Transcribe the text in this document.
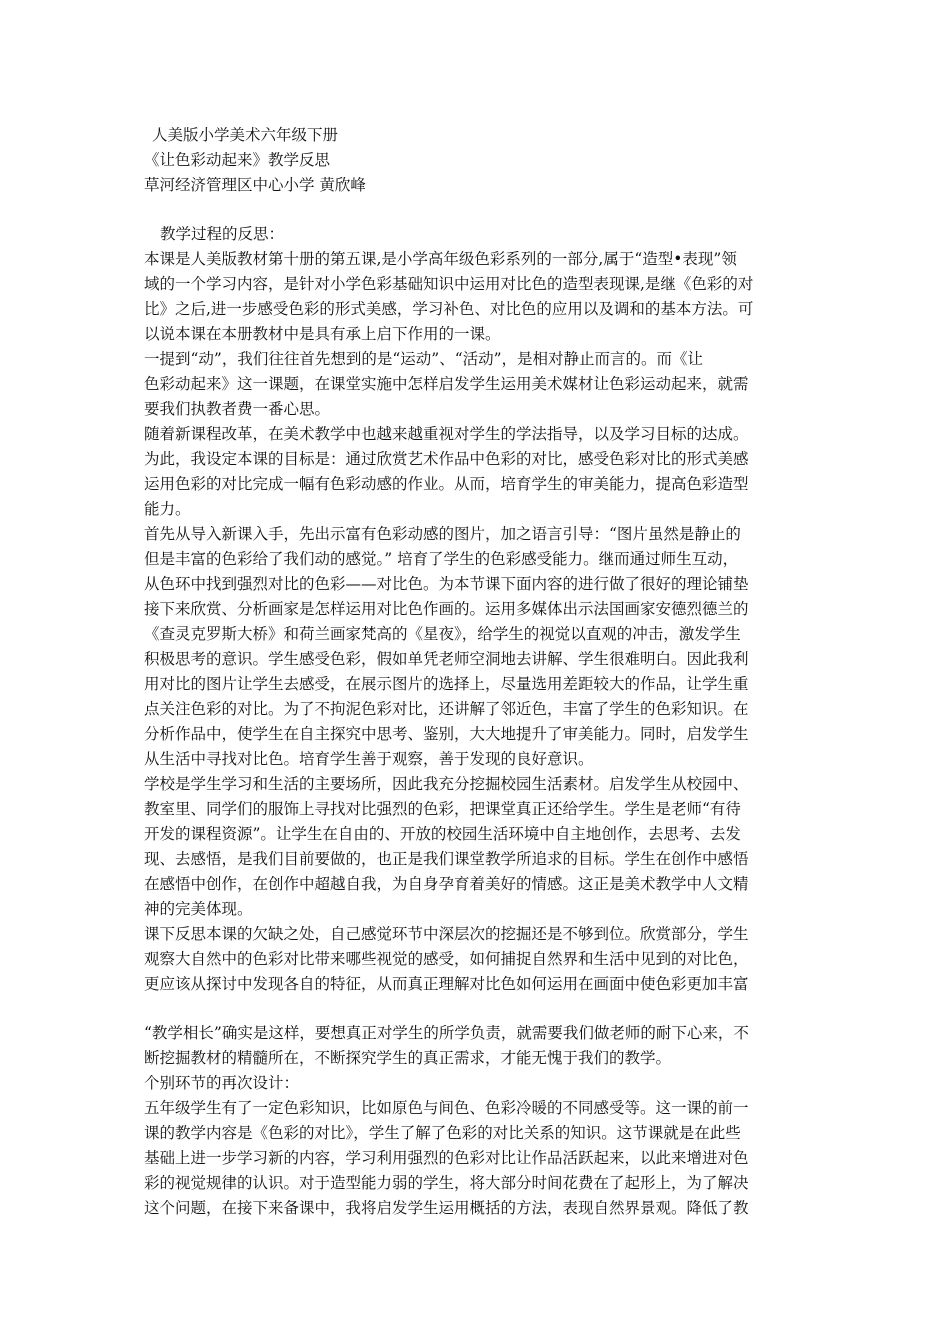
人美版小学美术六年级下册
《让色彩动起来》教学反思
草河经济管理区中心小学 黄欣峰
教学过程的反思：
本课是人美版教材第十册的第五课,是小学高年级色彩系列的一部分,属于“造型•表现”领
域的一个学习内容，是针对小学色彩基础知识中运用对比色的造型表现课,是继《色彩的对
比》之后,进一步感受色彩的形式美感，学习补色、对比色的应用以及调和的基本方法。可
以说本课在本册教材中是具有承上启下作用的一课。
一提到“动”，我们往往首先想到的是“运动”、“活动”，是相对静止而言的。而《让
色彩动起来》这一课题，在课堂实施中怎样启发学生运用美术媒材让色彩运动起来，就需
要我们执教者费一番心思。
随着新课程改革，在美术教学中也越来越重视对学生的学法指导，以及学习目标的达成。
为此，我设定本课的目标是：通过欣赏艺术作品中色彩的对比，感受色彩对比的形式美感
运用色彩的对比完成一幅有色彩动感的作业。从而，培育学生的审美能力，提高色彩造型
能力。
首先从导入新课入手，先出示富有色彩动感的图片，加之语言引导：“图片虽然是静止的
但是丰富的色彩给了我们动的感觉。” 培育了学生的色彩感受能力。继而通过师生互动，
从色环中找到强烈对比的色彩——对比色。为本节课下面内容的进行做了很好的理论铺垫
接下来欣赏、分析画家是怎样运用对比色作画的。运用多媒体出示法国画家安德烈德兰的
《查灵克罗斯大桥》和荷兰画家梵高的《星夜》，给学生的视觉以直观的冲击，激发学生
积极思考的意识。学生感受色彩，假如单凭老师空洞地去讲解、学生很难明白。因此我利
用对比的图片让学生去感受，在展示图片的选择上，尽量选用差距较大的作品，让学生重
点关注色彩的对比。为了不拘泥色彩对比，还讲解了邻近色，丰富了学生的色彩知识。在
分析作品中，使学生在自主探究中思考、鉴别，大大地提升了审美能力。同时，启发学生
从生活中寻找对比色。培育学生善于观察，善于发现的良好意识。
学校是学生学习和生活的主要场所，因此我充分挖掘校园生活素材。启发学生从校园中、
教室里、同学们的服饰上寻找对比强烈的色彩，把课堂真正还给学生。学生是老师“有待
开发的课程资源”。让学生在自由的、开放的校园生活环境中自主地创作，去思考、去发
现、去感悟，是我们目前要做的，也正是我们课堂教学所追求的目标。学生在创作中感悟
在感悟中创作，在创作中超越自我，为自身孕育着美好的情感。这正是美术教学中人文精
神的完美体现。
课下反思本课的欠缺之处，自己感觉环节中深层次的挖掘还是不够到位。欣赏部分，学生
观察大自然中的色彩对比带来哪些视觉的感受，如何捕捉自然界和生活中见到的对比色，
更应该从探讨中发现各自的特征，从而真正理解对比色如何运用在画面中使色彩更加丰富
“教学相长”确实是这样，要想真正对学生的所学负责，就需要我们做老师的耐下心来，不
断挖掘教材的精髓所在，不断探究学生的真正需求，才能无愧于我们的教学。
个别环节的再次设计：
五年级学生有了一定色彩知识，比如原色与间色、色彩冷暖的不同感受等。这一课的前一
课的教学内容是《色彩的对比》，学生了解了色彩的对比关系的知识。这节课就是在此些
基础上进一步学习新的内容，学习利用强烈的色彩对比让作品活跃起来，以此来增进对色
彩的视觉规律的认识。对于造型能力弱的学生，将大部分时间花费在了起形上，为了解决
这个问题，在接下来备课中，我将启发学生运用概括的方法，表现自然界景观。降低了教
